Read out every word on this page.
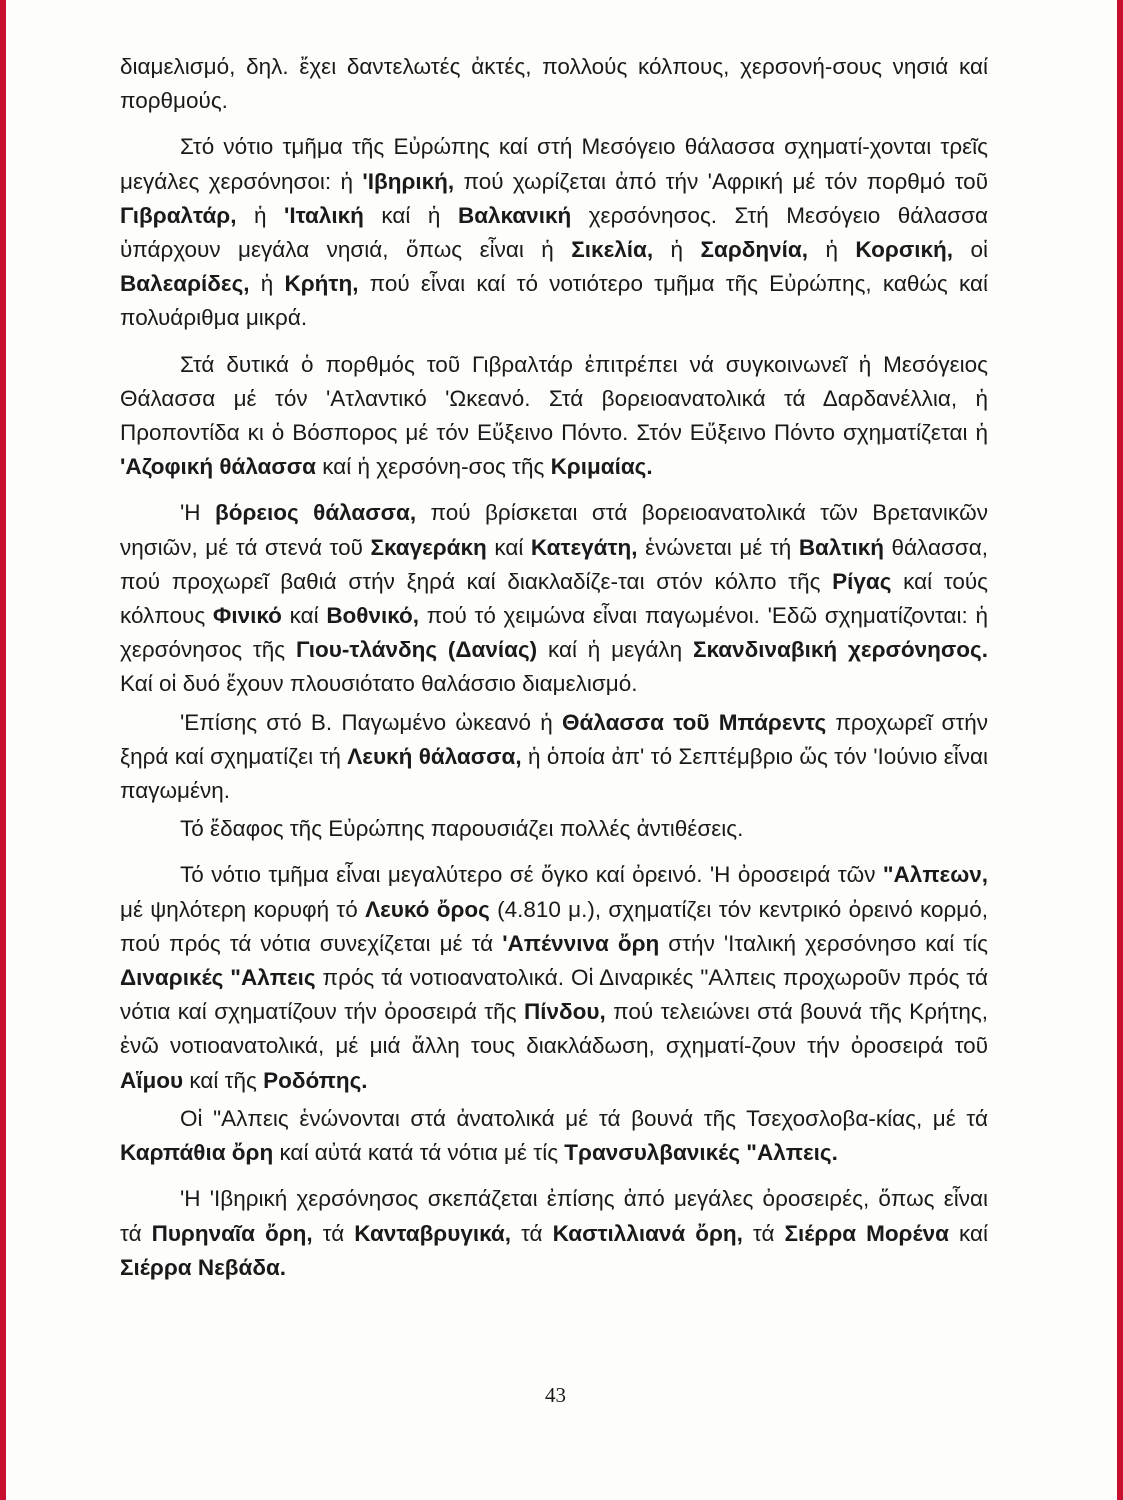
διαμελισμό, δηλ. ἔχει δαντελωτές ἀκτές, πολλούς κόλπους, χερσονή-σους νησιά καί πορθμούς.

Στό νότιο τμῆμα τῆς Εὐρώπης καί στή Μεσόγειο θάλασσα σχηματί-χονται τρεῖς μεγάλες χερσόνησοι: ἡ 'Ιβηρική, πού χωρίζεται ἀπό τήν 'Αφρική μέ τόν πορθμό τοῦ Γιβραλτάρ, ἡ 'Ιταλική καί ἡ Βαλκανική χερσόνησος. Στή Μεσόγειο θάλασσα ὑπάρχουν μεγάλα νησιά, ὅπως εἶναι ἡ Σικελία, ἡ Σαρδηνία, ἡ Κορσική, οἱ Βαλεαρίδες, ἡ Κρήτη, πού εἶναι καί τό νοτιότερο τμῆμα τῆς Εὐρώπης, καθώς καί πολυάριθμα μικρά.

Στά δυτικά ὁ πορθμός τοῦ Γιβραλτάρ ἐπιτρέπει νά συγκοινωνεῖ ἡ Μεσόγειος Θάλασσα μέ τόν 'Ατλαντικό 'Ωκεανό. Στά βορειοανατολικά τά Δαρδανέλλια, ἡ Προποντίδα κι ὁ Βόσπορος μέ τόν Εὔξεινο Πόντο. Στόν Εὔξεινο Πόντο σχηματίζεται ἡ 'Αζοφική θάλασσα καί ἡ χερσόνη-σος τῆς Κριμαίας.

'Η βόρειος θάλασσα, πού βρίσκεται στά βορειοανατολικά τῶν Βρετανικῶν νησιῶν, μέ τά στενά τοῦ Σκαγεράκη καί Κατεγάτη, ἑνώνεται μέ τή Βαλτική θάλασσα, πού προχωρεῖ βαθιά στήν ξηρά καί διακλαδίζε-ται στόν κόλπο τῆς Ρίγας καί τούς κόλπους Φινικό καί Βοθνικό, πού τό χειμώνα εἶναι παγωμένοι. 'Εδῶ σχηματίζονται: ἡ χερσόνησος τῆς Γιου-τλάνδης (Δανίας) καί ἡ μεγάλη Σκανδιναβική χερσόνησος. Καί οἱ δυό ἔχουν πλουσιότατο θαλάσσιο διαμελισμό.

'Επίσης στό Β. Παγωμένο ὠκεανό ἡ Θάλασσα τοῦ Μπάρεντς προχωρεῖ στήν ξηρά καί σχηματίζει τή Λευκή θάλασσα, ἡ ὁποία ἀπ' τό Σεπτέμβριο ὥς τόν 'Ιούνιο εἶναι παγωμένη.

Τό ἔδαφος τῆς Εὐρώπης παρουσιάζει πολλές ἀντιθέσεις.

Τό νότιο τμῆμα εἶναι μεγαλύτερο σέ ὄγκο καί ὀρεινό. 'Η ὀροσειρά τῶν "Αλπεων, μέ ψηλότερη κορυφή τό Λευκό ὄρος (4.810 μ.), σχηματίζει τόν κεντρικό ὀρεινό κορμό, πού πρός τά νότια συνεχίζεται μέ τά 'Απέννινα ὄρη στήν 'Ιταλική χερσόνησο καί τίς Διναρικές "Αλπεις πρός τά νοτιοανατολικά. Οἱ Διναρικές "Αλπεις προχωροῦν πρός τά νότια καί σχηματίζουν τήν ὀροσειρά τῆς Πίνδου, πού τελειώνει στά βουνά τῆς Κρήτης, ἐνῶ νοτιοανατολικά, μέ μιά ἄλλη τους διακλάδωση, σχηματί-ζουν τήν ὀροσειρά τοῦ Αἵμου καί τῆς Ροδόπης.

Οἱ "Αλπεις ἑνώνονται στά ἀνατολικά μέ τά βουνά τῆς Τσεχοσλοβα-κίας, μέ τά Καρπάθια ὄρη καί αὐτά κατά τά νότια μέ τίς Τρανσυλβανικές "Αλπεις.

'Η 'Ιβηρική χερσόνησος σκεπάζεται ἐπίσης ἀπό μεγάλες ὀροσειρές, ὅπως εἶναι τά Πυρηναῖα ὄρη, τά Κανταβρυγικά, τά Καστιλλιανά ὄρη, τά Σιέρρα Μορένα καί Σιέρρα Νεβάδα.

43
